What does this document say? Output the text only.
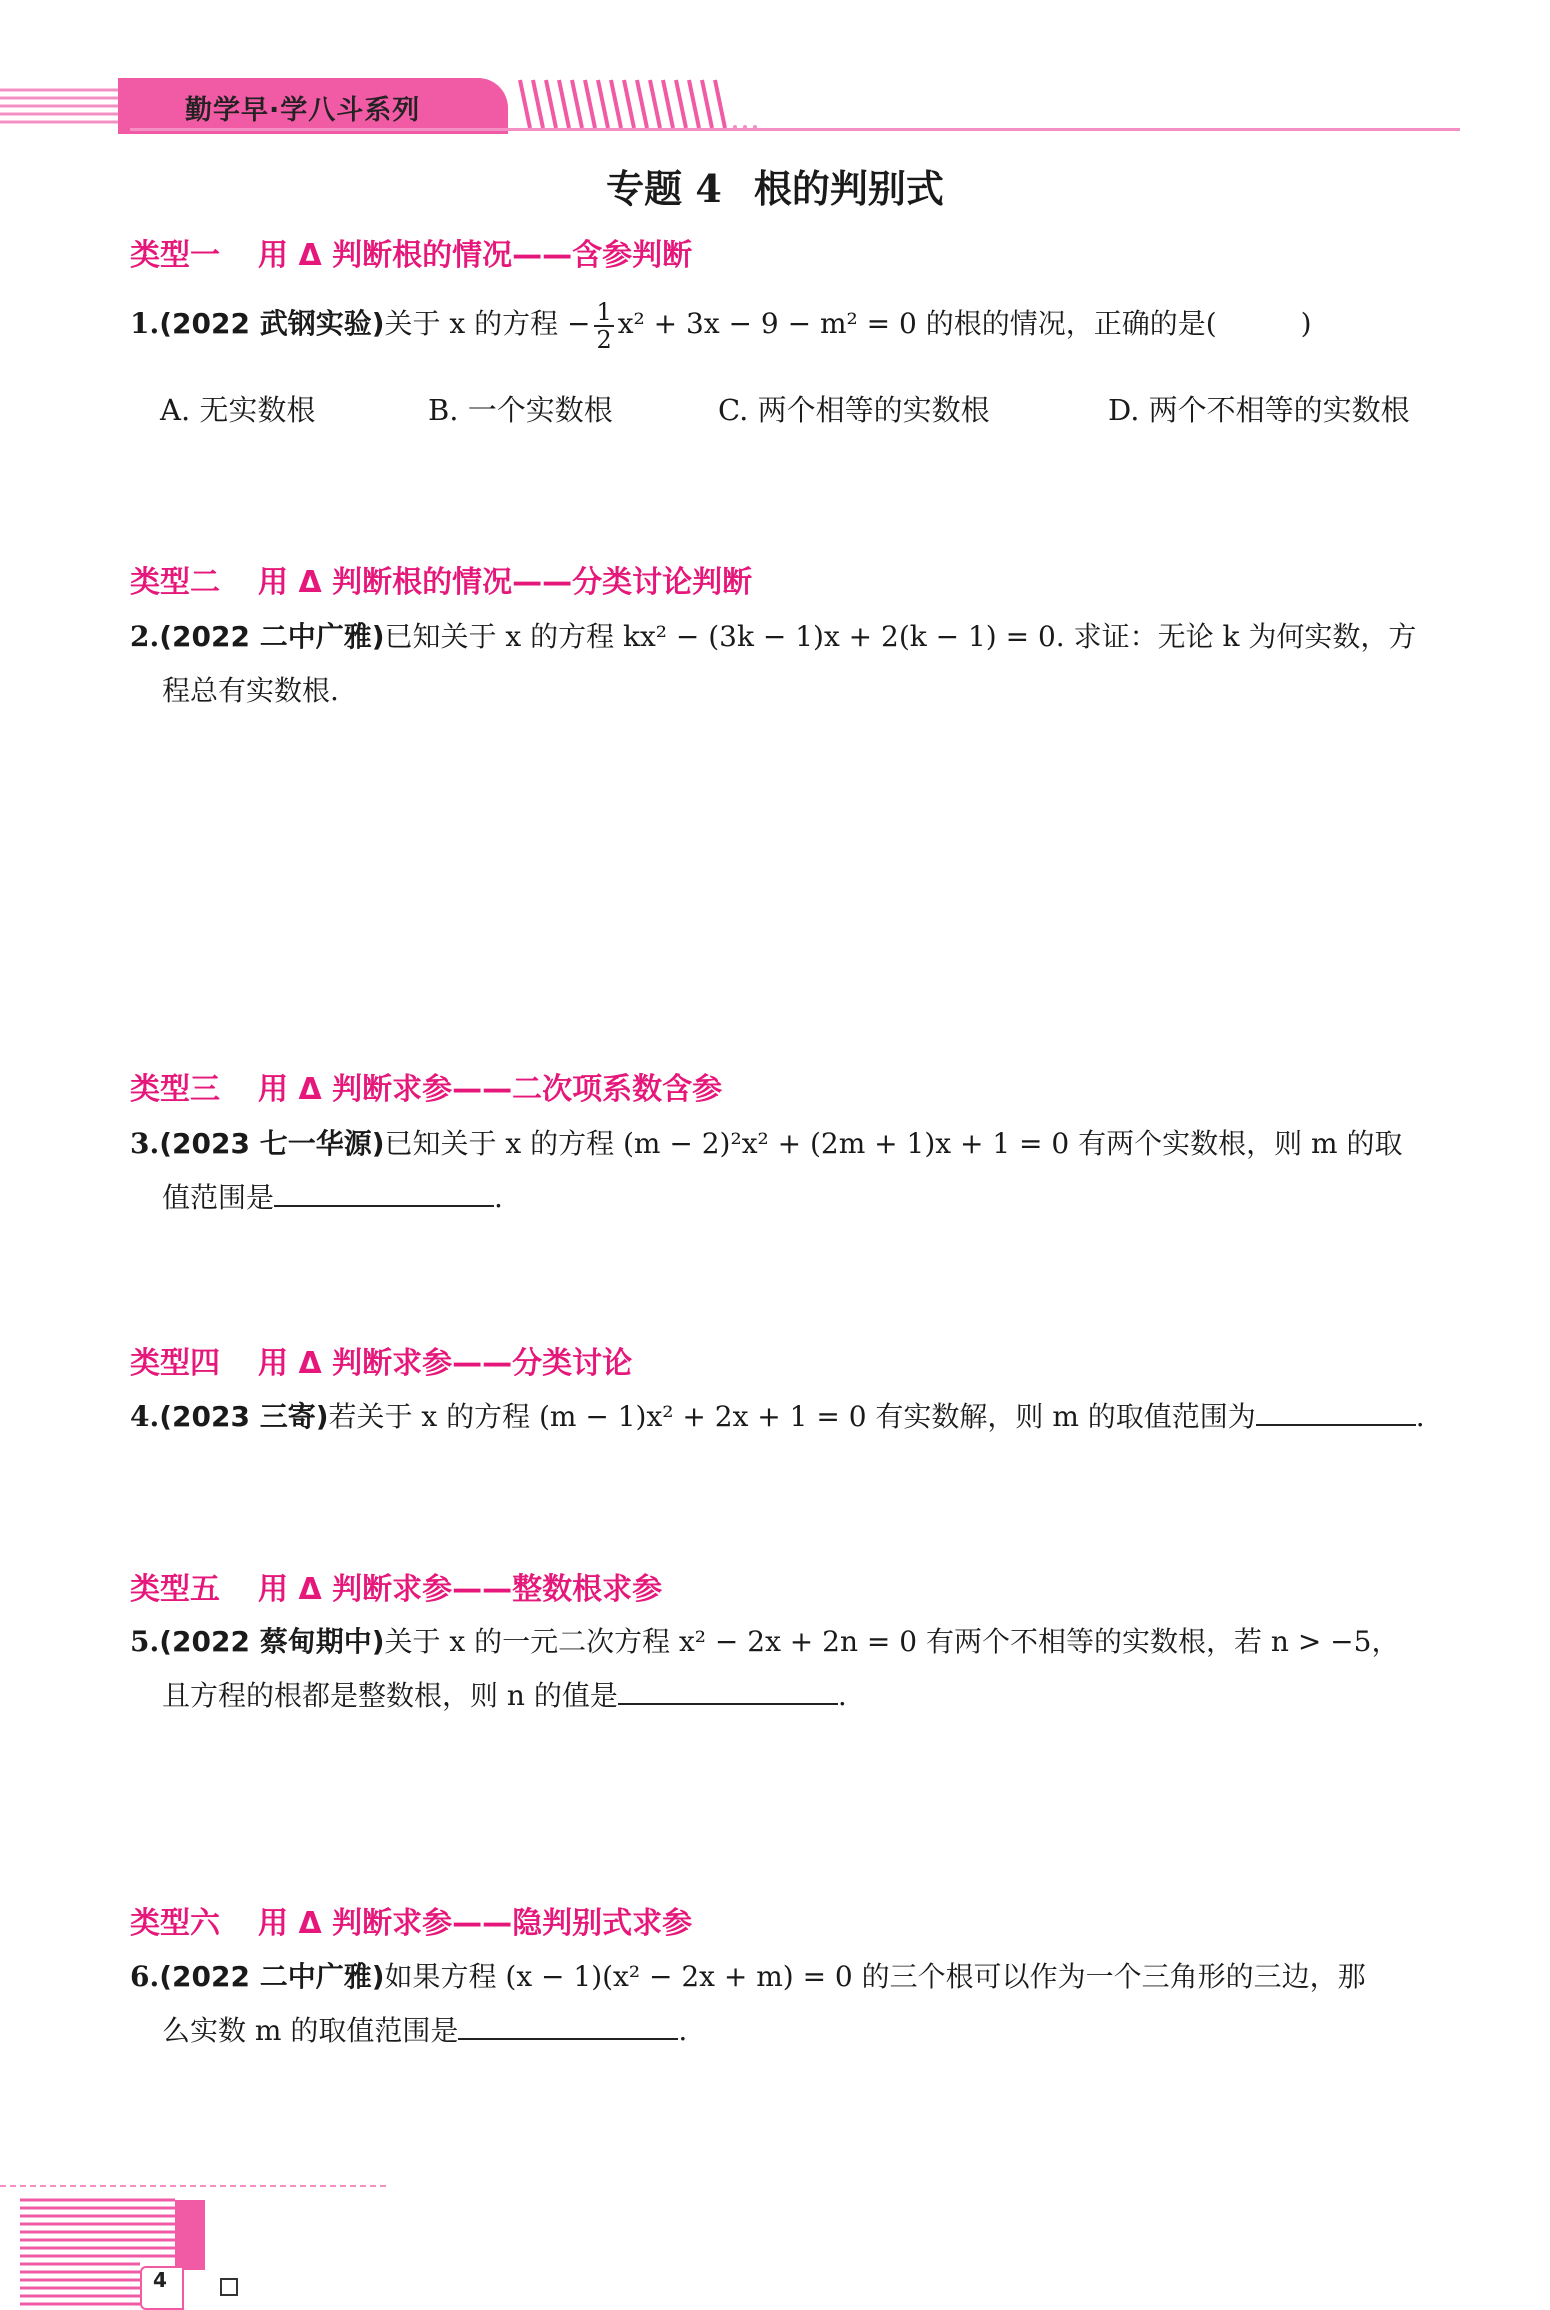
勤学早·学八斗系列
专题 4 根的判别式
类型一 用 Δ 判断根的情况——含参判断
1.(2022 武钢实验)关于 x 的方程 − $\frac{1}{2} x^2 + 3x - 9 - m^2 = 0$ 的根的情况，正确的是(　　　)
A. 无实数根	B. 一个实数根	C. 两个相等的实数根	D. 两个不相等的实数根
类型二 用 Δ 判断根的情况——分类讨论判断
2.(2022 二中广雅)已知关于 x 的方程 kx² − (3k − 1)x + 2(k − 1) = 0. 求证：无论 k 为何实数，方
程总有实数根.
类型三 用 Δ 判断求参——二次项系数含参
3.(2023 七一华源)已知关于 x 的方程 (m − 2)²x² + (2m + 1)x + 1 = 0 有两个实数根，则 m 的取
值范围是	.
类型四 用 Δ 判断求参——分类讨论
4.(2023 三寄)若关于 x 的方程 (m − 1)x² + 2x + 1 = 0 有实数解，则 m 的取值范围为	.
类型五 用 Δ 判断求参——整数根求参
5.(2022 蔡甸期中)关于 x 的一元二次方程 x² − 2x + 2n = 0 有两个不相等的实数根，若 n > −5，
且方程的根都是整数根，则 n 的值是	.
类型六 用 Δ 判断求参——隐判别式求参
6.(2022 二中广雅)如果方程 (x − 1)(x² − 2x + m) = 0 的三个根可以作为一个三角形的三边，那
么实数 m 的取值范围是	.
4
